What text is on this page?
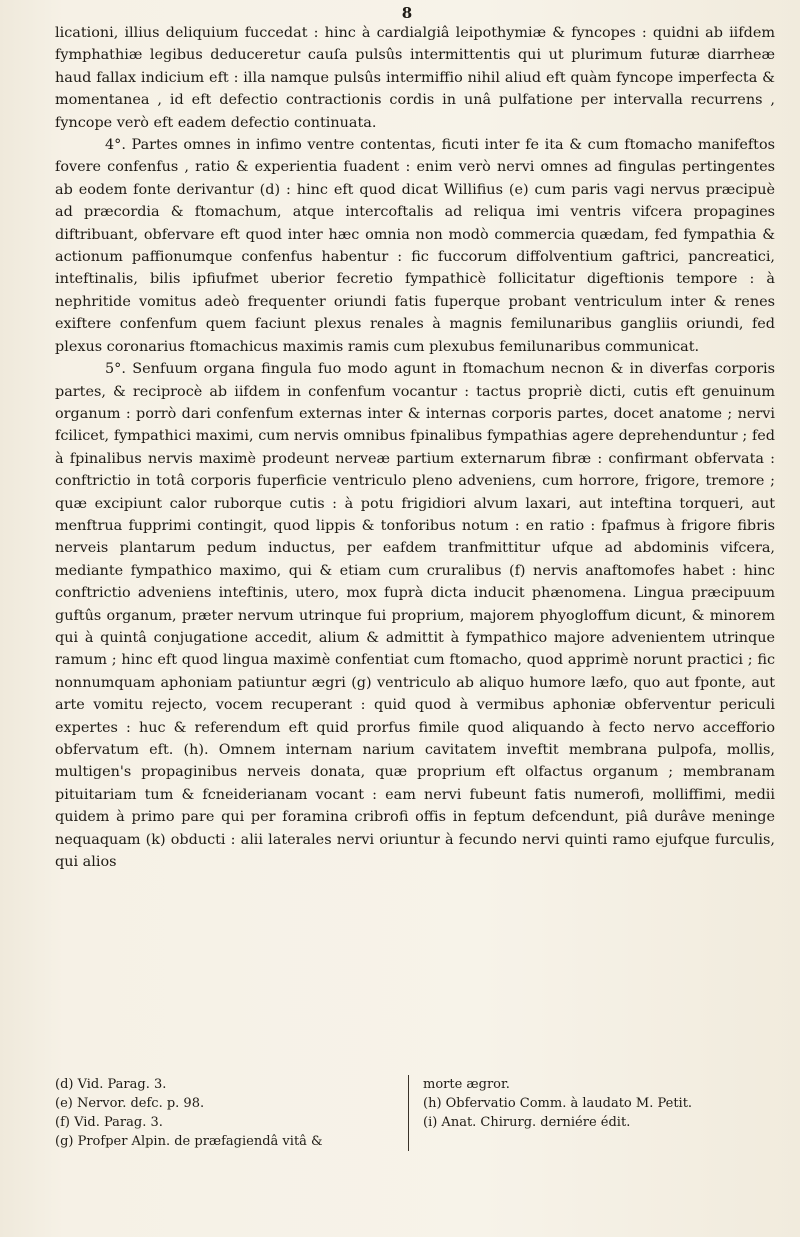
8

licationi, illius deliquium fuccedat : hinc à cardialgiâ leipothymiæ & fyncopes : quidni ab iifdem fymphathiæ legibus deduceretur cauſa pulsûs intermittentis qui ut plurimum futuræ diarrheæ haud fallax indicium eft : illa namque pulsûs intermiffio nihil aliud eft quàm fyncope imperfecta & momentanea , id eft defectio contractionis cordis in unâ pulfatione per intervalla recurrens , fyncope verò eft eadem defectio continuata.

4°. Partes omnes in infimo ventre contentas, ficuti inter fe ita & cum ftomacho manifeftos fovere confenfus , ratio & experientia fuadent : enim verò nervi omnes ad fingulas pertingentes ab eodem fonte derivantur (d) : hinc eft quod dicat Willifius (e) cum paris vagi nervus præcipuè ad præcordia & ftomachum, atque intercoftalis ad reliqua imi ventris vifcera propagines diftribuant, obfervare eft quod inter hæc omnia non modò commercia quædam, fed fympathia & actionum paffionumque confenfus habentur : fic fuccorum diffolventium gaftrici, pancreatici, inteftinalis, bilis ipfiufmet uberior fecretio fympathicè follicitatur digeftionis tempore : à nephritide vomitus adeò frequenter oriundi fatis fuperque probant ventriculum inter & renes exiftere confenfum quem faciunt plexus renales à magnis femilunaribus gangliis oriundi, fed plexus coronarius ftomachicus maximis ramis cum plexubus femilunaribus communicat.

5°. Senfuum organa fingula fuo modo agunt in ftomachum necnon & in diverfas corporis partes, & reciprocè ab iifdem in confenfum vocantur : tactus propriè dicti, cutis eft genuinum organum : porrò dari confenfum externas inter & internas corporis partes, docet anatome ; nervi fcilicet, fympathici maximi, cum nervis omnibus fpinalibus fympathias agere deprehenduntur ; fed à fpinalibus nervis maximè prodeunt nerveæ partium externarum fibræ : confirmant obfervata : conftrictio in totâ corporis fuperficie ventriculo pleno adveniens, cum horrore, frigore, tremore ; quæ excipiunt calor ruborque cutis : à potu frigidiori alvum laxari, aut inteftina torqueri, aut menftrua fupprimi contingit, quod lippis & tonforibus notum : en ratio : fpafmus à frigore fibris nerveis plantarum pedum inductus, per eafdem tranfmittitur ufque ad abdominis vifcera, mediante fympathico maximo, qui & etiam cum cruralibus (f) nervis anaftomofes habet : hinc conftrictio adveniens inteftinis, utero, mox fuprà dicta inducit phænomena. Lingua præcipuum guftûs organum, præter nervum utrinque fui proprium, majorem phyogloffum dicunt, & minorem qui à quintâ conjugatione accedit, alium & admittit à fympathico majore advenientem utrinque ramum ; hinc eft quod lingua maximè confentiat cum ftomacho, quod apprimè norunt practici ; fic nonnumquam aphoniam patiuntur ægri (g) ventriculo ab aliquo humore læfo, quo aut fponte, aut arte vomitu rejecto, vocem recuperant : quid quod à vermibus aphoniæ obferventur periculi expertes : huc & referendum eft quid prorfus fimile quod aliquando à fecto nervo accefforio obfervatum eft. (h). Omnem internam narium cavitatem inveftit membrana pulpofa, mollis, multigen's propaginibus nerveis donata, quæ proprium eft olfactus organum ; membranam pituitariam tum & fcneiderianam vocant : eam nervi fubeunt fatis numerofi, molliffimi, medii quidem à primo pare qui per foramina cribrofi offis in feptum defcendunt, piâ durâve meninge nequaquam (k) obducti : alii laterales nervi oriuntur à fecundo nervi quinti ramo ejufque furculis, qui alios

(d) Vid. Parag. 3.
(e) Nervor. defc. p. 98.
(f) Vid. Parag. 3.
(g) Profper Alpin. de præfagiendâ vitâ &
morte ægror.
(h) Obfervatio Comm. à laudato M. Petit.
(i) Anat. Chirurg. derniére édit.
